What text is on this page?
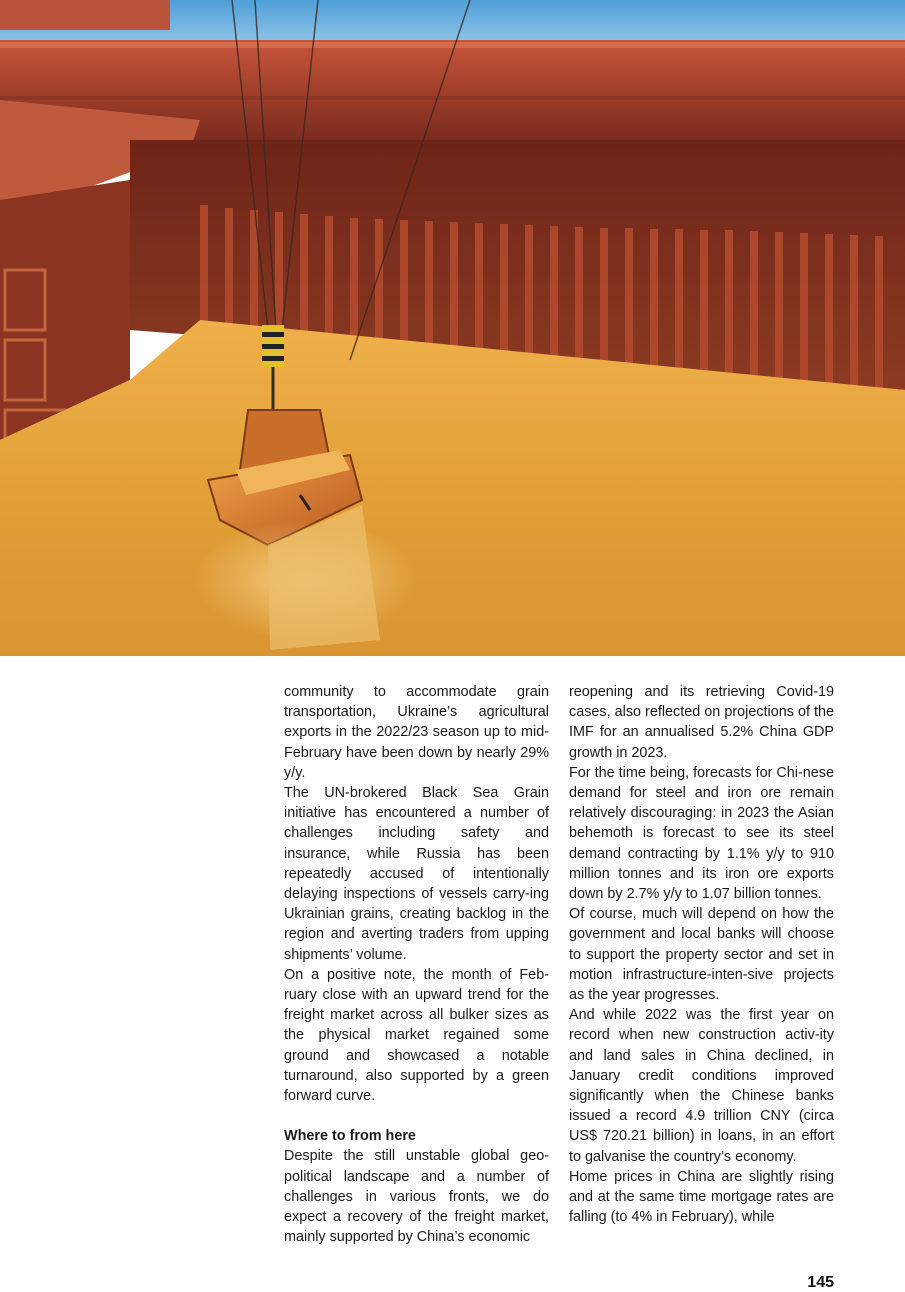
community to accommodate grain transportation, Ukraine’s agricultural exports in the 2022/23 season up to mid-February have been down by nearly 29% y/y.

The UN-brokered Black Sea Grain initiative has encountered a number of challenges including safety and insurance, while Russia has been repeatedly accused of intentionally delaying inspections of vessels carry-ing Ukrainian grains, creating backlog in the region and averting traders from upping shipments’ volume.

On a positive note, the month of Feb-ruary close with an upward trend for the freight market across all bulker sizes as the physical market regained some ground and showcased a notable turnaround, also supported by a green forward curve.

Where to from here

Despite the still unstable global geo-political landscape and a number of challenges in various fronts, we do expect a recovery of the freight market, mainly supported by China’s economic

reopening and its retrieving Covid-19 cases, also reflected on projections of the IMF for an annualised 5.2% China GDP growth in 2023.

For the time being, forecasts for Chi-nese demand for steel and iron ore remain relatively discouraging: in 2023 the Asian behemoth is forecast to see its steel demand contracting by 1.1% y/y to 910 million tonnes and its iron ore exports down by 2.7% y/y to 1.07 billion tonnes.

Of course, much will depend on how the government and local banks will choose to support the property sector and set in motion infrastructure-inten-sive projects as the year progresses.

And while 2022 was the first year on record when new construction activ-ity and land sales in China declined, in January credit conditions improved significantly when the Chinese banks issued a record 4.9 trillion CNY (circa US$ 720.21 billion) in loans, in an effort to galvanise the country’s economy.

Home prices in China are slightly rising and at the same time mortgage rates are falling (to 4% in February), while

145
